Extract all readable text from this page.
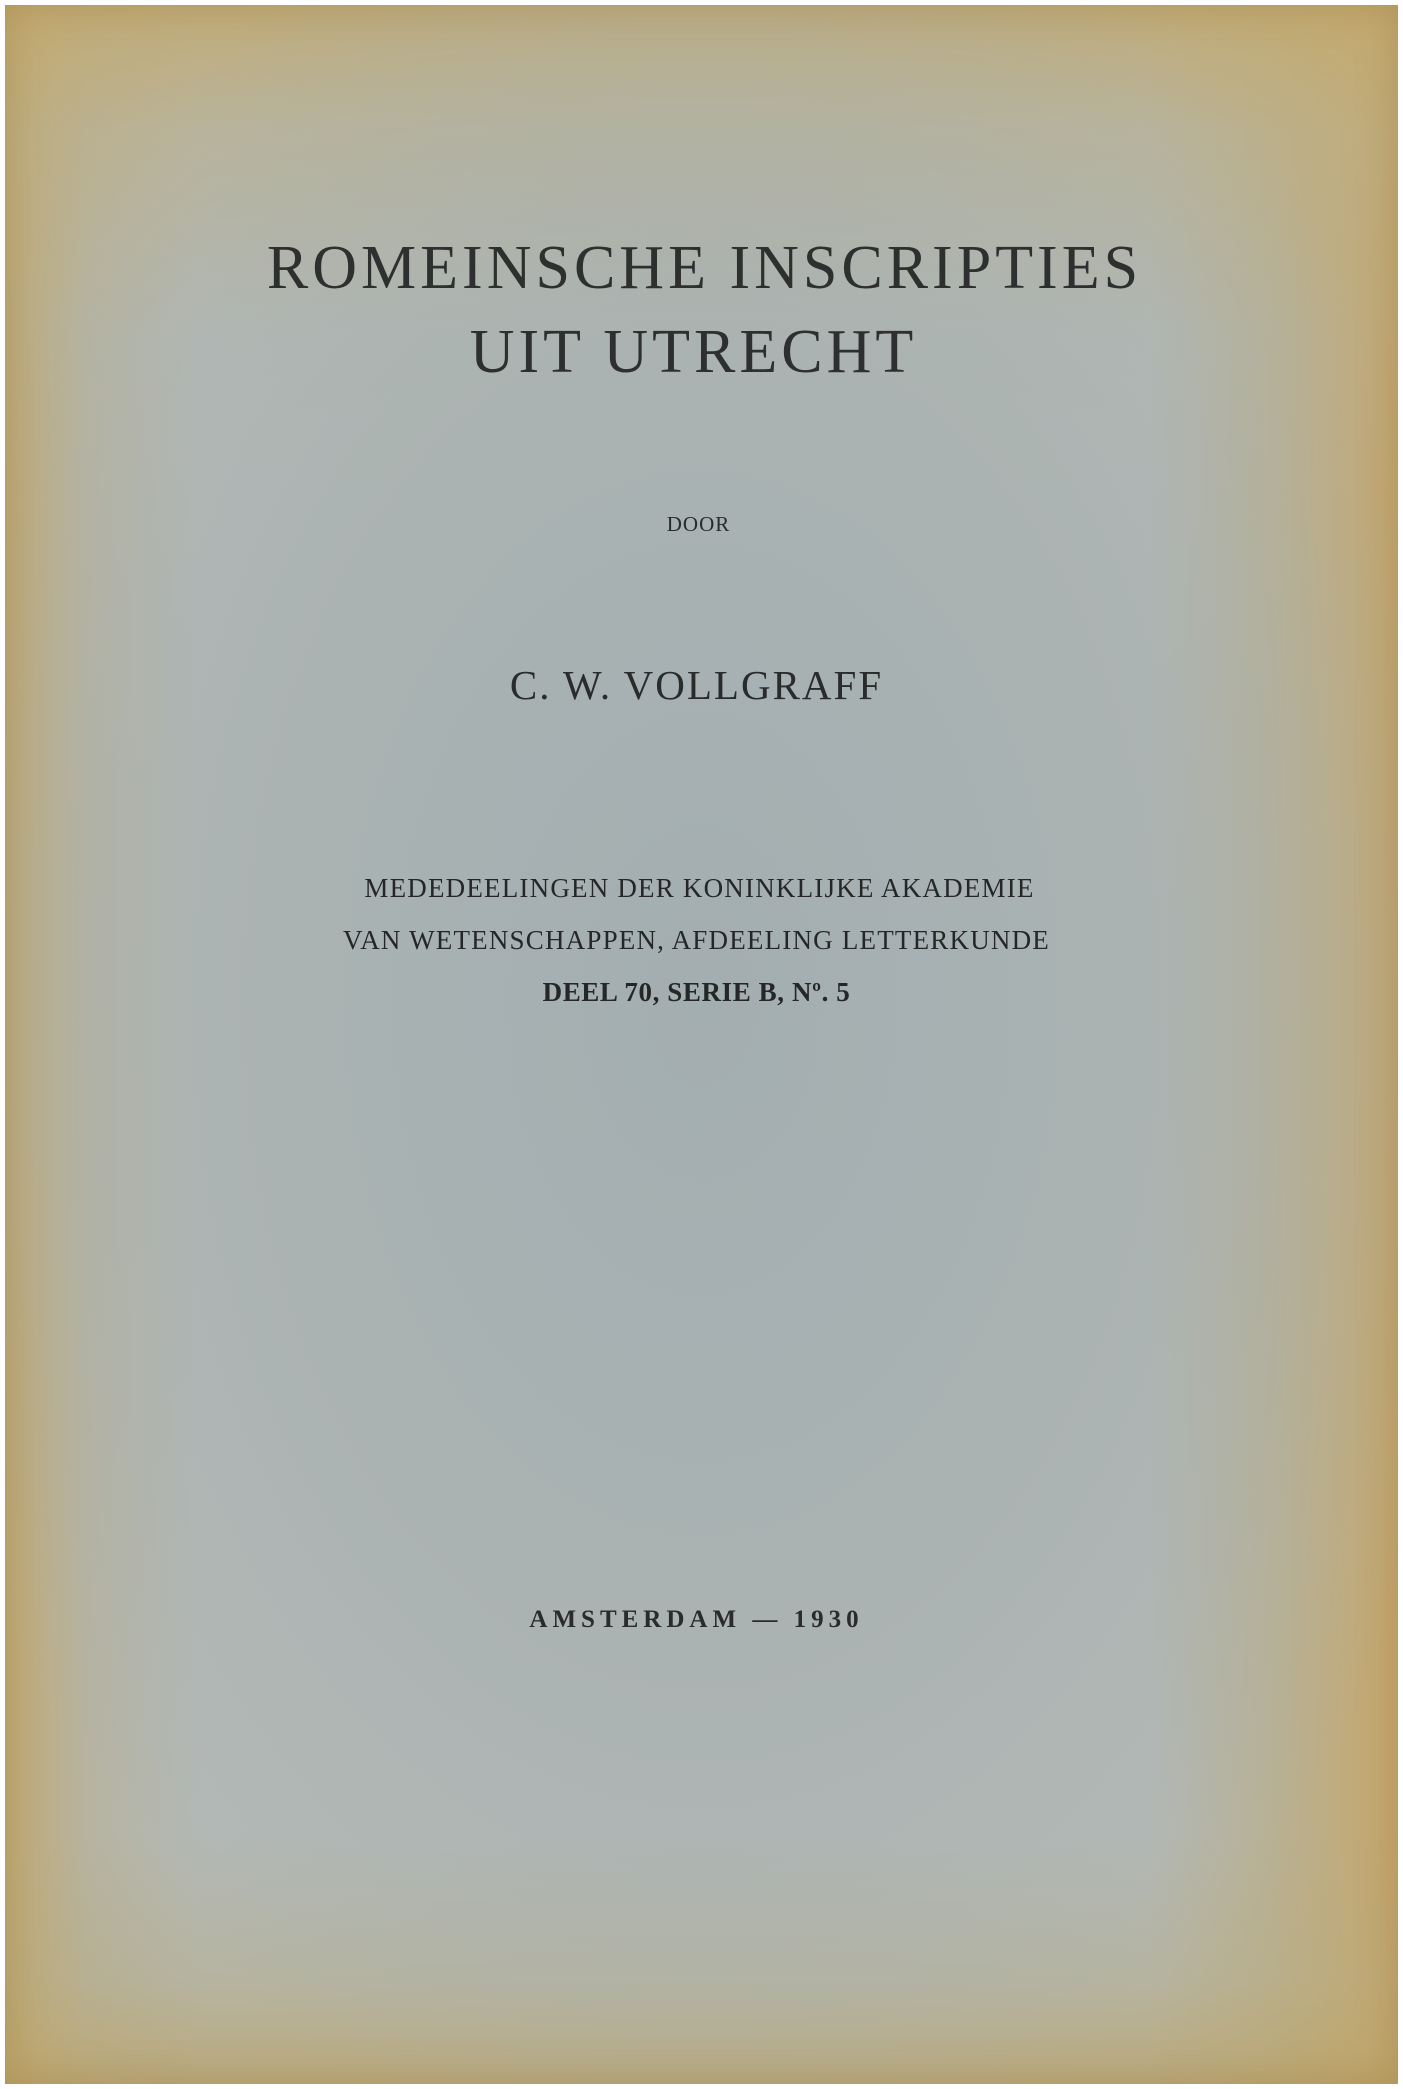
ROMEINSCHE INSCRIPTIES
UIT UTRECHT
DOOR
C. W. VOLLGRAFF
MEDEDEELINGEN DER KONINKLIJKE AKADEMIE
VAN WETENSCHAPPEN, AFDEELING LETTERKUNDE
DEEL 70, SERIE B, Nº. 5
AMSTERDAM — 1930
